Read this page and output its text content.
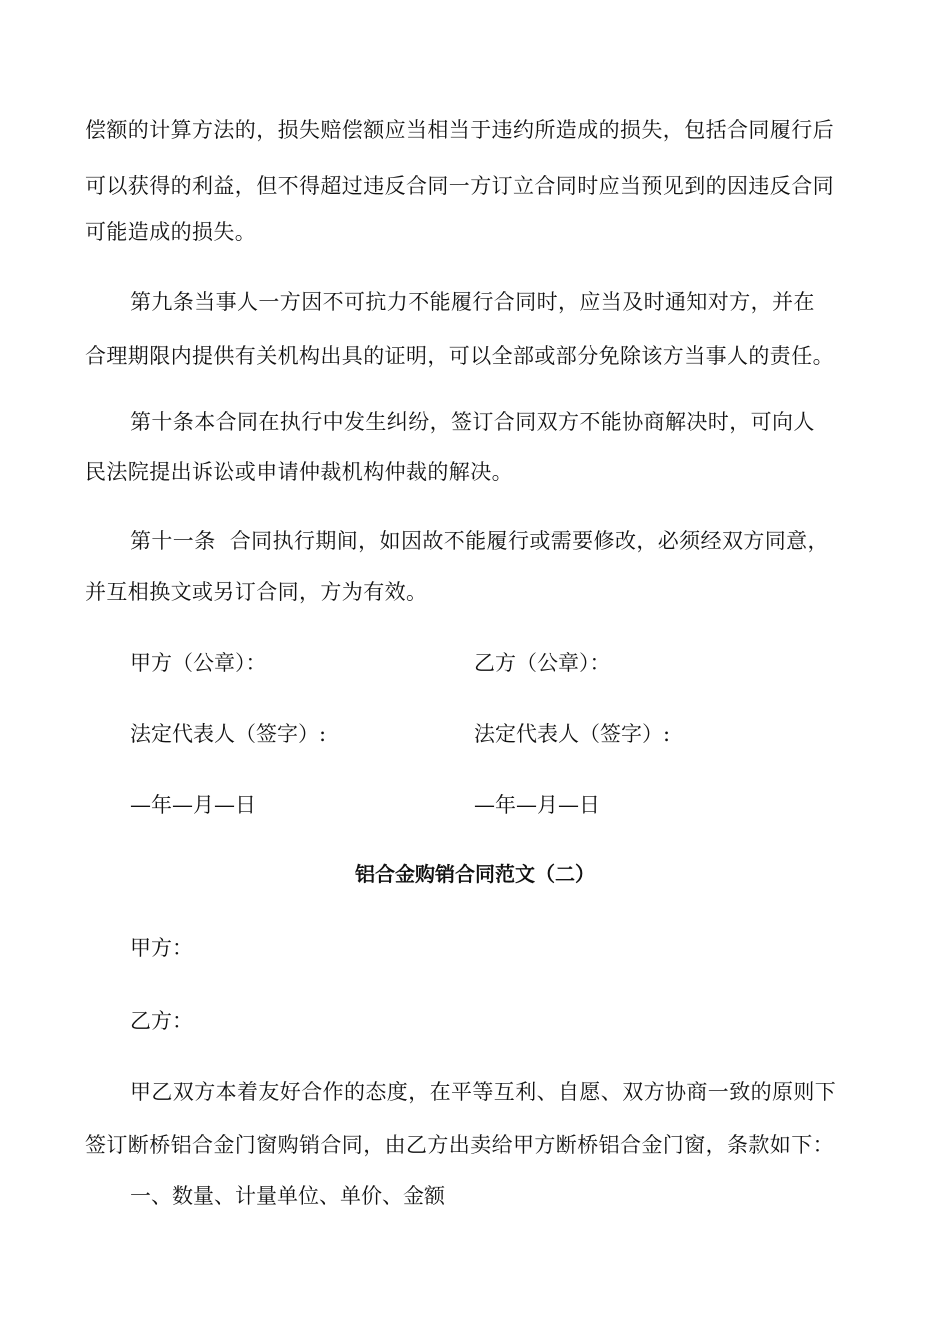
偿额的计算方法的，损失赔偿额应当相当于违约所造成的损失，包括合同履行后
可以获得的利益，但不得超过违反合同一方订立合同时应当预见到的因违反合同
可能造成的损失。
第九条当事人一方因不可抗力不能履行合同时，应当及时通知对方，并在
合理期限内提供有关机构出具的证明，可以全部或部分免除该方当事人的责任。
第十条本合同在执行中发生纠纷，签订合同双方不能协商解决时，可向人
民法院提出诉讼或申请仲裁机构仲裁的解决。
第十一条  合同执行期间，如因故不能履行或需要修改，必须经双方同意，
并互相换文或另订合同，方为有效。
甲方（公章）：	乙方（公章）：
法定代表人（签字）:	法定代表人（签字）:
—年—月—日	—年—月—日
铝合金购销合同范文（二）
甲方：
乙方：
甲乙双方本着友好合作的态度，在平等互利、自愿、双方协商一致的原则下
签订断桥铝合金门窗购销合同，由乙方出卖给甲方断桥铝合金门窗，条款如下：
一、数量、计量单位、单价、金额
